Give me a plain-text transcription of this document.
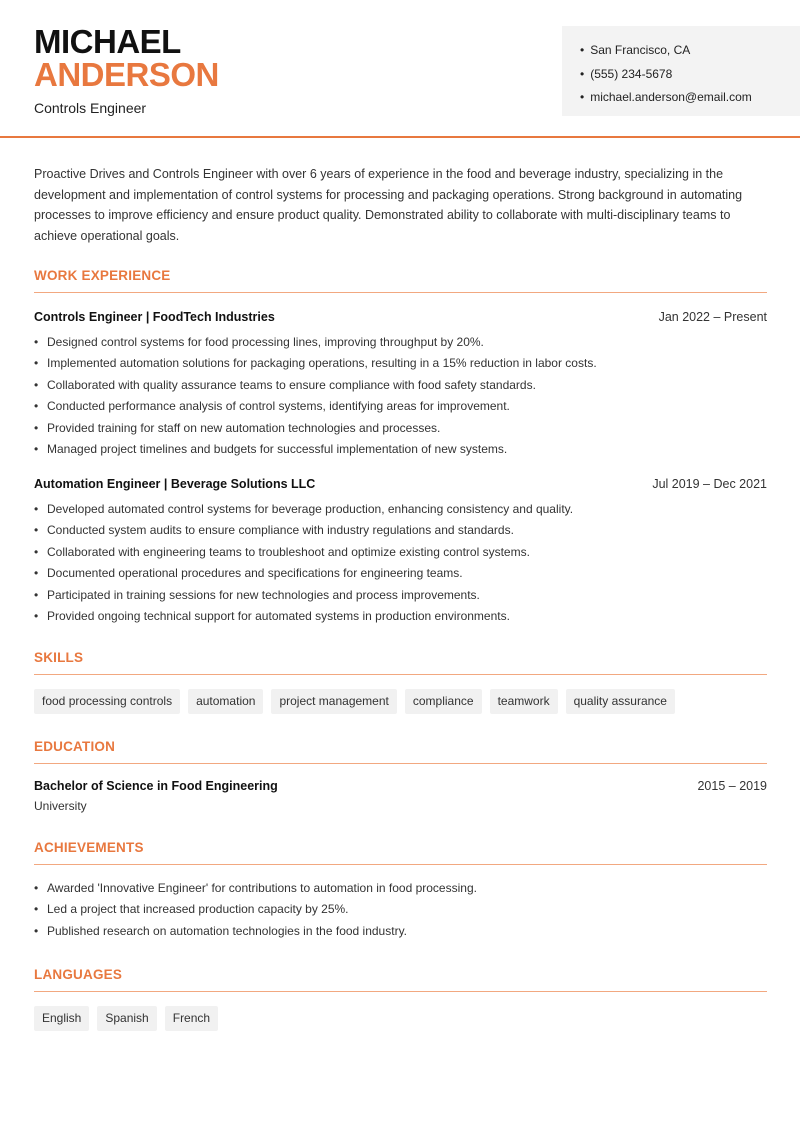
MICHAEL
ANDERSON
Controls Engineer
• San Francisco, CA
• (555) 234-5678
• michael.anderson@email.com

Proactive Drives and Controls Engineer with over 6 years of experience in the food and beverage industry, specializing in the development and implementation of control systems for processing and packaging operations. Strong background in automating processes to improve efficiency and ensure product quality. Demonstrated ability to collaborate with multi-disciplinary teams to achieve operational goals.

WORK EXPERIENCE
Controls Engineer | FoodTech Industries	Jan 2022 – Present
• Designed control systems for food processing lines, improving throughput by 20%.
• Implemented automation solutions for packaging operations, resulting in a 15% reduction in labor costs.
• Collaborated with quality assurance teams to ensure compliance with food safety standards.
• Conducted performance analysis of control systems, identifying areas for improvement.
• Provided training for staff on new automation technologies and processes.
• Managed project timelines and budgets for successful implementation of new systems.
Automation Engineer | Beverage Solutions LLC	Jul 2019 – Dec 2021
• Developed automated control systems for beverage production, enhancing consistency and quality.
• Conducted system audits to ensure compliance with industry regulations and standards.
• Collaborated with engineering teams to troubleshoot and optimize existing control systems.
• Documented operational procedures and specifications for engineering teams.
• Participated in training sessions for new technologies and process improvements.
• Provided ongoing technical support for automated systems in production environments.
SKILLS
food processing controls	automation	project management	compliance	teamwork	quality assurance
EDUCATION
Bachelor of Science in Food Engineering	2015 – 2019
University
ACHIEVEMENTS
• Awarded 'Innovative Engineer' for contributions to automation in food processing.
• Led a project that increased production capacity by 25%.
• Published research on automation technologies in the food industry.
LANGUAGES
English	Spanish	French
